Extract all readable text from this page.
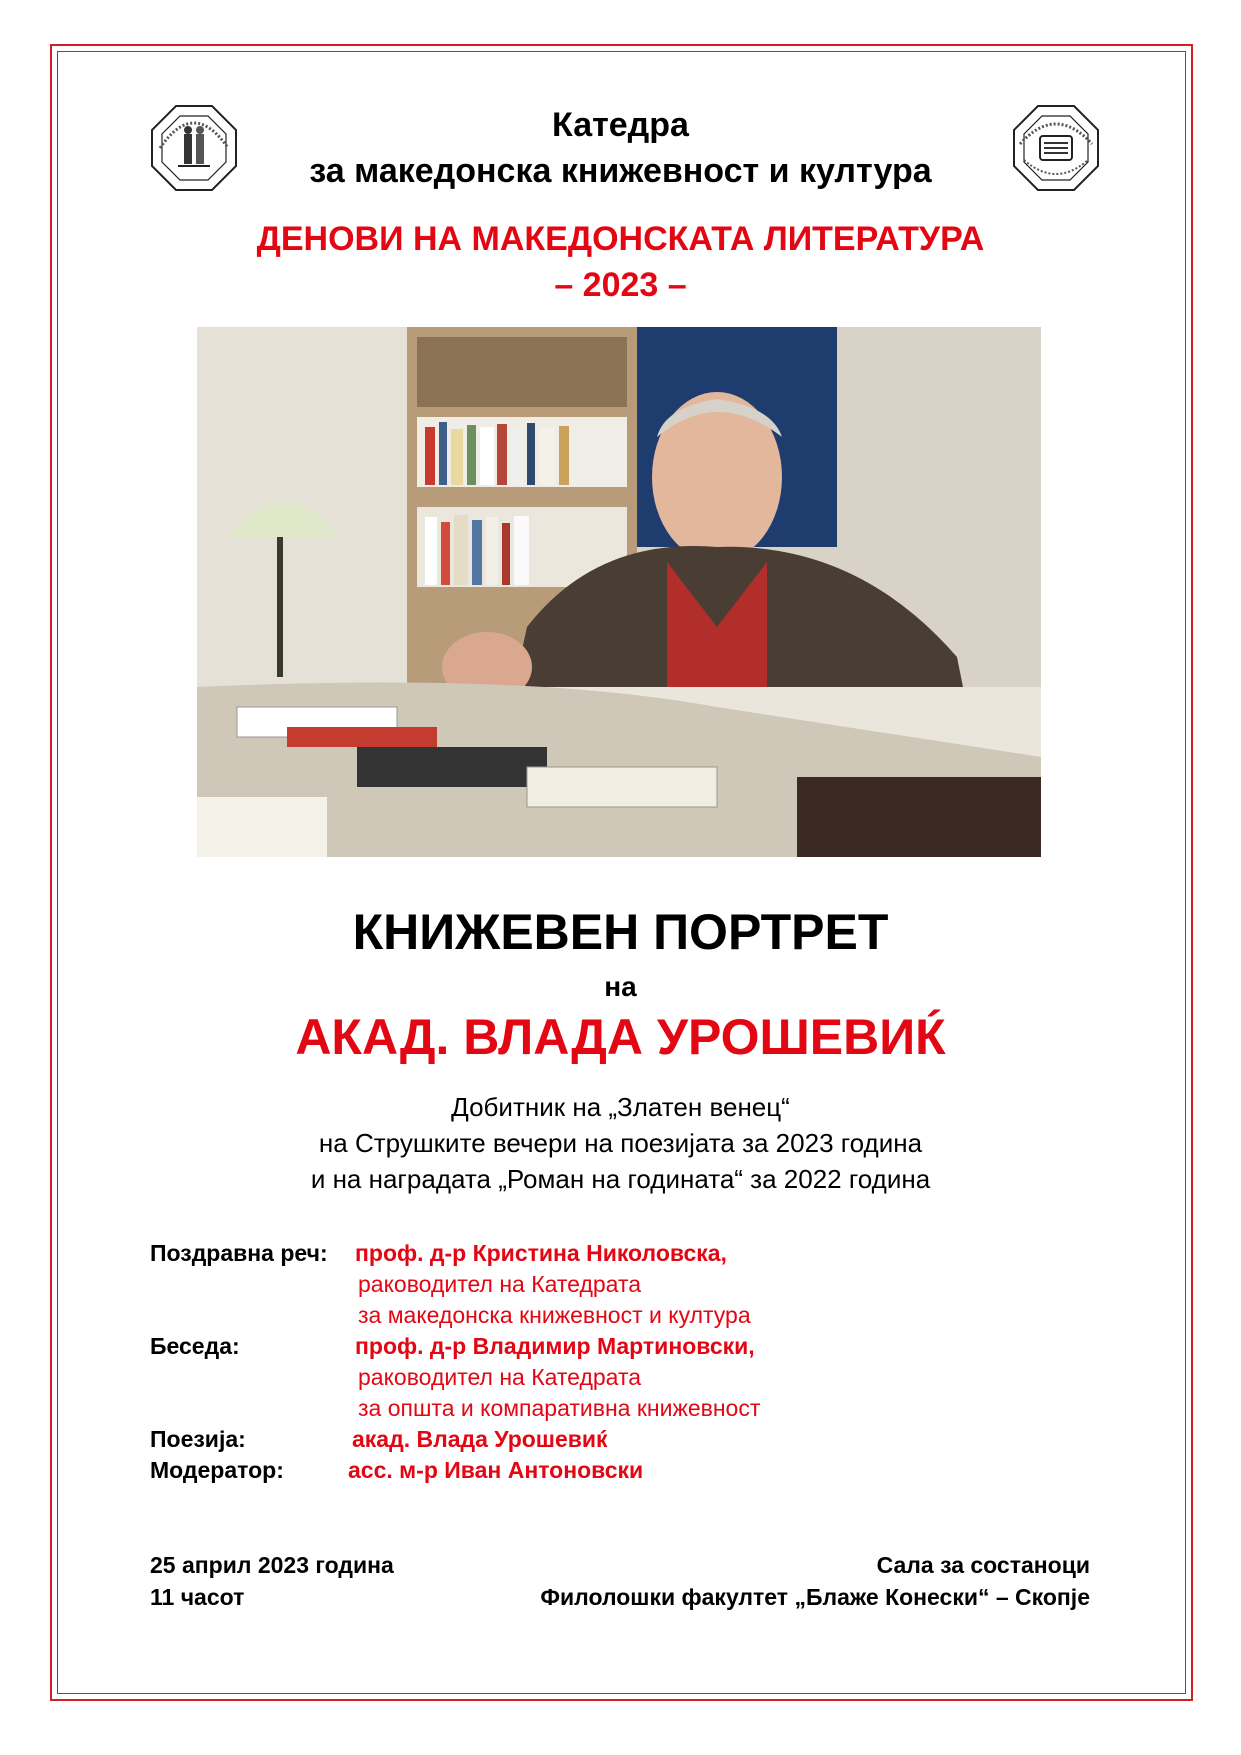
Катедра
за македонска книжевност и култура
ДЕНОВИ НА МАКЕДОНСКАТА ЛИТЕРАТУРА
– 2023 –
КНИЖЕВЕН ПОРТРЕТ
на
АКАД. ВЛАДА УРОШЕВИЌ
Добитник на „Златен венец“
на Струшките вечери на поезијата за 2023 година
и на наградата „Роман на годината“ за 2022 година
Поздравна реч: проф. д-р Кристина Николовска,
раководител на Катедрата
за македонска книжевност и култура
Беседа:	проф. д-р Владимир Мартиновски,
раководител на Катедрата
за општа и компаративна книжевност
Поезија:	акад. Влада Урошевиќ
Модератор:	асс. м-р Иван Антоновски
25 април 2023 година
11 часот
Сала за состаноци
Филолошки факултет „Блаже Конески“ – Скопје
